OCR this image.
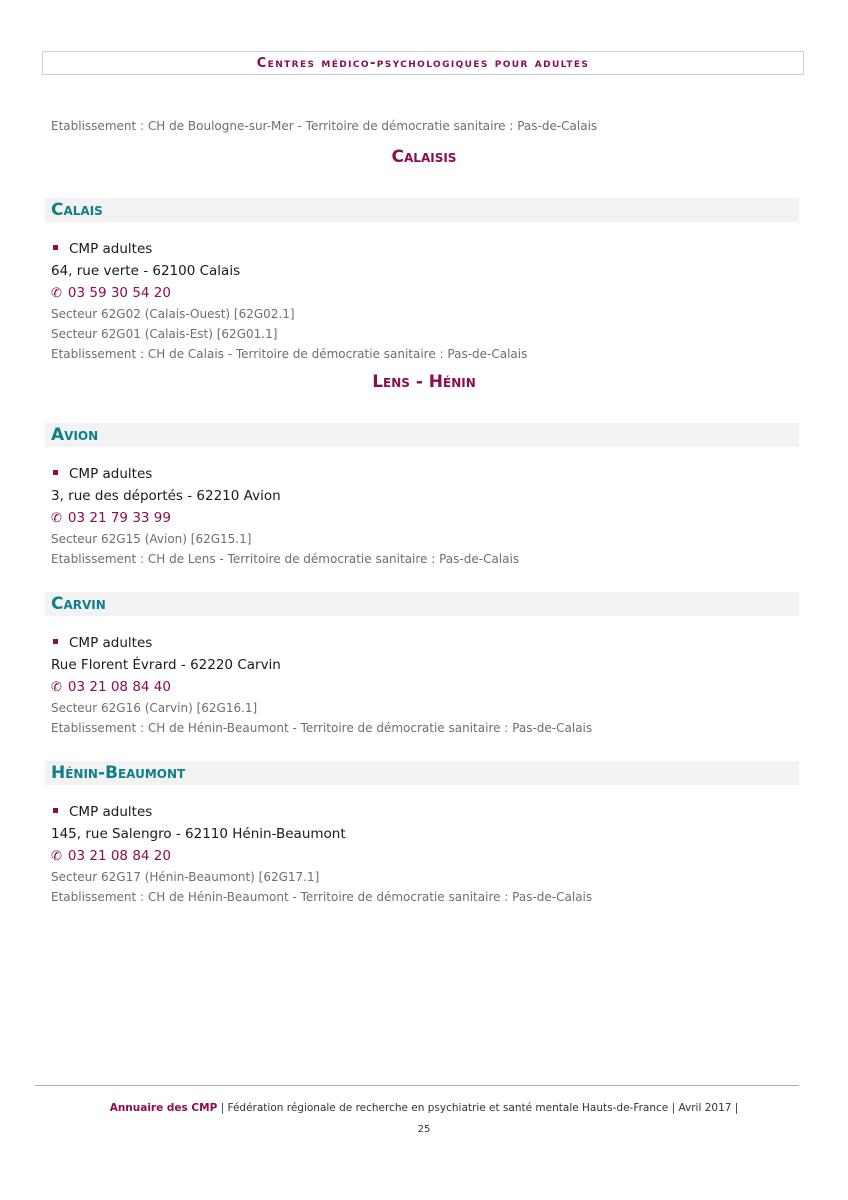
Centres médico-psychologiques pour adultes
Etablissement : CH de Boulogne-sur-Mer - Territoire de démocratie sanitaire : Pas-de-Calais
Calaisis
Calais
CMP adultes
64, rue verte - 62100 Calais
✆ 03 59 30 54 20
Secteur 62G02 (Calais-Ouest) [62G02.1]
Secteur 62G01 (Calais-Est) [62G01.1]
Etablissement : CH de Calais - Territoire de démocratie sanitaire : Pas-de-Calais
Lens - Hénin
Avion
CMP adultes
3, rue des déportés - 62210 Avion
✆ 03 21 79 33 99
Secteur 62G15 (Avion) [62G15.1]
Etablissement : CH de Lens - Territoire de démocratie sanitaire : Pas-de-Calais
Carvin
CMP adultes
Rue Florent Évrard - 62220 Carvin
✆ 03 21 08 84 40
Secteur 62G16 (Carvin) [62G16.1]
Etablissement : CH de Hénin-Beaumont - Territoire de démocratie sanitaire : Pas-de-Calais
Hénin-Beaumont
CMP adultes
145, rue Salengro - 62110 Hénin-Beaumont
✆ 03 21 08 84 20
Secteur 62G17 (Hénin-Beaumont) [62G17.1]
Etablissement : CH de Hénin-Beaumont - Territoire de démocratie sanitaire : Pas-de-Calais
Annuaire des CMP | Fédération régionale de recherche en psychiatrie et santé mentale Hauts-de-France | Avril 2017 |
25
